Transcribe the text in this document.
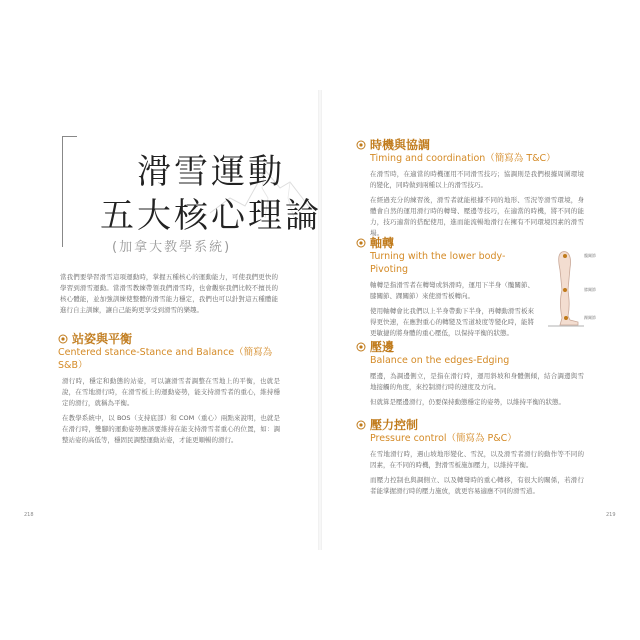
滑雪運動
五大核心理論
(加拿大教學系統)
當我們要學習滑雪這項運動時，掌握五種核心的運動能力，可使我們更快的學習到滑雪運動。當滑雪教練帶領我們滑雪時，也會觀察我們比較不擅長的核心體能，並加強訓練使整體的滑雪能力穩定，我們也可以針對這五種體能進行自主訓練，讓自己能夠更享受到滑雪的樂趣。
站姿與平衡
Centered stance-Stance and Balance（簡寫為 S&B）
滑行時，穩定和動態的站姿，可以讓滑雪者調整在雪地上的平衡，也就是說，在雪地滑行時，在滑雪板上的運動姿勢，能支持滑雪者的重心，維持穩定的滑行，就稱為平衡。
在教學系統中，以 BOS（支持底部）和 COM（重心）兩點來說明，也就是在滑行時，雙腳的運動姿勢應該要維持在能支持滑雪者重心的位置，如：調整站姿的高低等，穩固民調整運動站姿，才能更順暢的滑行。
218
時機與協調
Timing and coordination（簡寫為 T&C）
在滑雪時，在適當的時機運用不同滑雪技巧；協調則是我們根據周圍環境的變化，同時做到兩種以上的滑雪技巧。
在經過充分的練習後，滑雪者就能根據不同的地形、雪況等滑雪環境，身體會自然的運用滑行時的轉彎、壓邊等技巧，在適當的時機，將不同的能力，技巧適當的搭配使用，進而能流暢地滑行在擁有不同環境因素的滑雪場。
軸轉
Turning with the lower body-Pivoting
軸轉是指滑雪者在轉彎或斜滑時，運用下半身（髖關節、膝關節、踝關節）來使滑雪板轉向。
使用軸轉會比我們以上半身帶動下半身，再轉動滑雪板來得更快速，在應對重心的轉變及雪道坡度等變化時，能將更敏捷的將身體的重心壓低，以保持平衡的狀態。
髖關節
膝關節
踝關節
壓邊
Balance on the edges-Edging
壓邊，為調邊側立，是指在滑行時，運用斜坡和身體側傾，結合調邊與雪地接觸的角度，來控制滑行時的速度及方向。
但就算是壓邊滑行，仍要保持動態穩定的姿勢，以維持平衡的狀態。
壓力控制
Pressure control（簡寫為 P&C）
在雪地滑行時，遇山坡地形變化、雪況，以及滑雪者滑行的動作等不同的因素，在不同的時機，對滑雪板施加壓力，以維持平衡。
而壓力控制也與調側立、以及轉彎時的重心轉移，有很大的關係，若滑行者能掌握滑行時的壓力施放，就更容易適應不同的滑雪道。
219
